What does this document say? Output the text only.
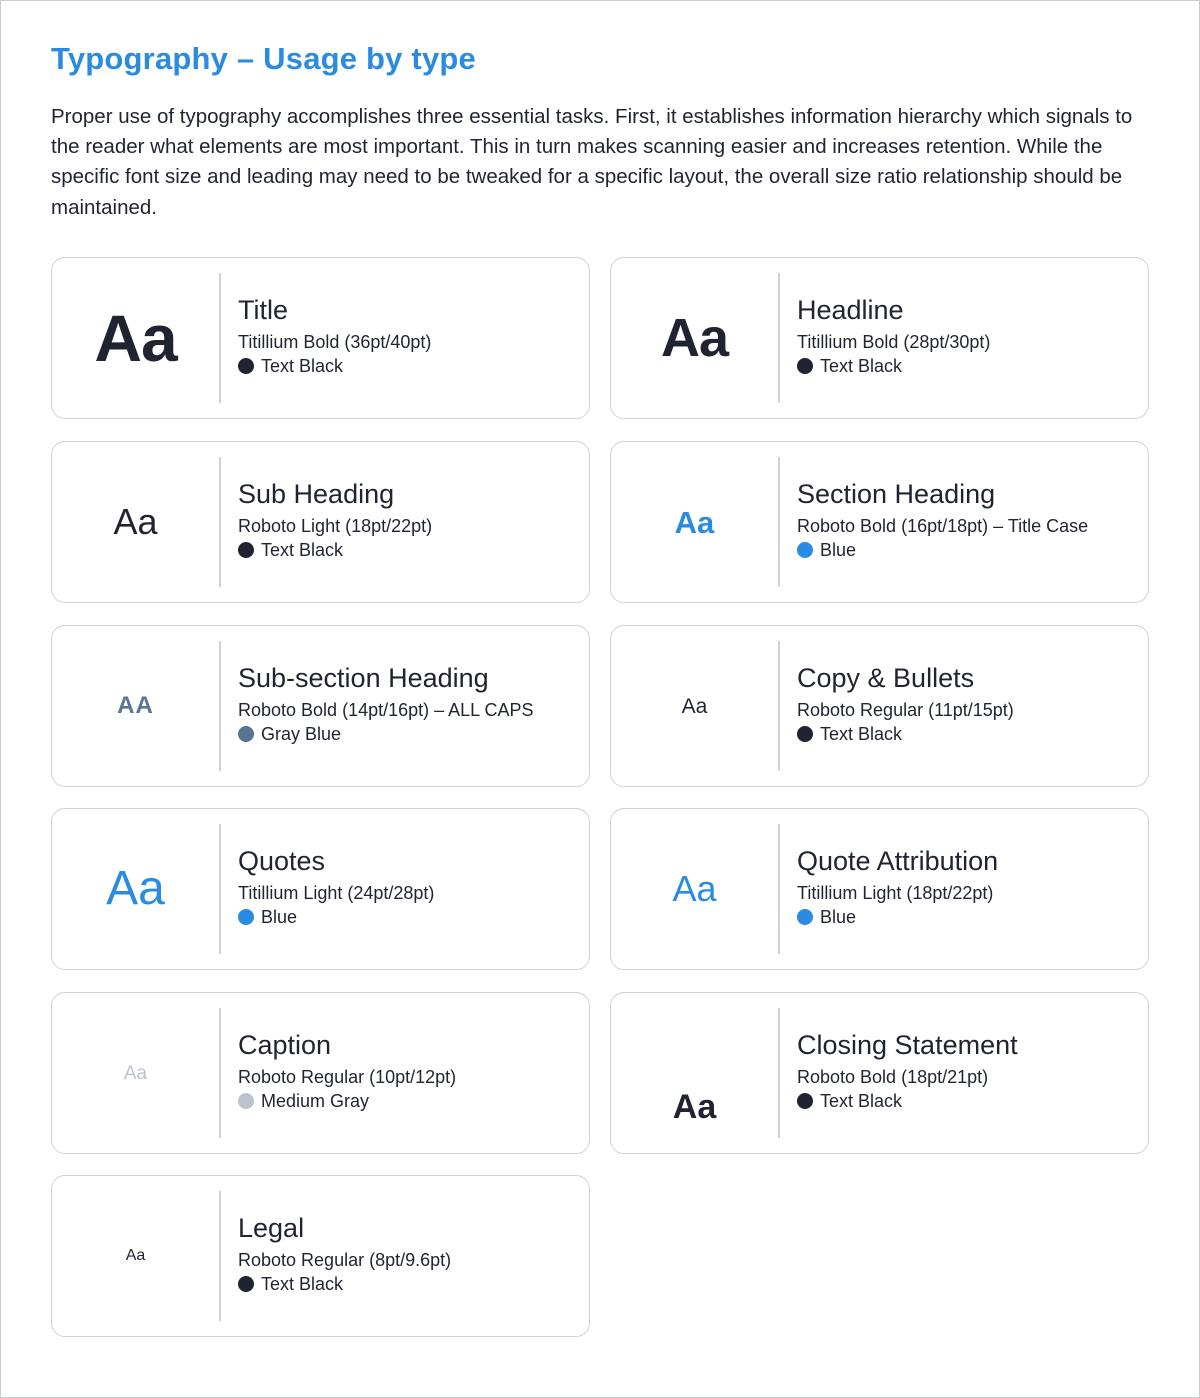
Typography – Usage by type

Proper use of typography accomplishes three essential tasks. First, it establishes information hierarchy which signals to the reader what elements are most important. This in turn makes scanning easier and increases retention. While the specific font size and leading may need to be tweaked for a specific layout, the overall size ratio relationship should be maintained.

Aa	Title
Titillium Bold (36pt/40pt)
Text Black	Aa	Headline
Titillium Bold (28pt/30pt)
Text Black
Aa
Sub Heading
Roboto Light (18pt/22pt)
Text Black
Aa
Section Heading
Roboto Bold (16pt/18pt) – Title Case
Blue
AA
Sub-section Heading
Roboto Bold (14pt/16pt) – ALL CAPS
Gray Blue
Aa
Copy & Bullets
Roboto Regular (11pt/15pt)
Text Black
Aa
Quotes
Titillium Light (24pt/28pt)
Blue
Aa
Quote Attribution
Titillium Light (18pt/22pt)
Blue
Aa
Caption
Roboto Regular (10pt/12pt)
Medium Gray	Aa
Closing Statement
Roboto Bold (18pt/21pt)
Text Black
Aa
Legal
Roboto Regular (8pt/9.6pt)
Text Black
